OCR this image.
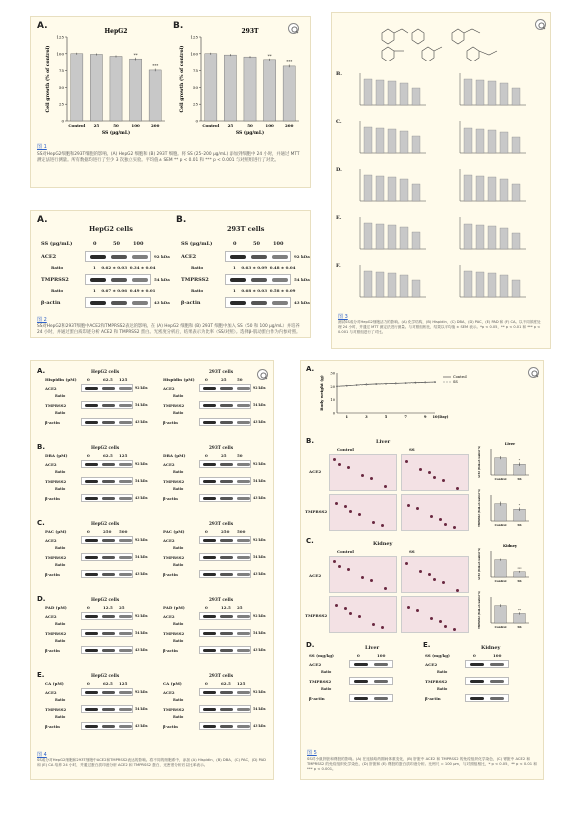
A.	B.
HepG2
0
25
50
75
100
125
Control 25	50
**
100
***
200
SS (μg/mL)
Cell growth (% of control)
293T
0
25
50
75
100
125
Control 25	50
**
100
***
200
SS (μg/mL)
Cell growth (% of control)
图 1
SS对HepG2细胞和293T细胞的影响。(A) HepG2 细胞和 (B) 293T 细胞。将 SS (25–200 μg/mL) 添加到细胞中 24 小时，并通过 MTT 测定法进行测量。所有数据均进行了至少 3 次独立实验。平均值± SEM ** p < 0.01 和 *** p < 0.001 与对照组进行了对比。
A.	B.
HepG2 cells	293T cells
图 2
SS对HepG2和293T细胞中ACE2和TMPRSS2表达的影响。在 (A) HepG2 细胞和 (B) 293T 细胞中加入 SS（50 和 100 μg/mL）并培养 24 小时，并通过蛋白质印迹分析 ACE2 和 TMPRSS2 蛋白。光密度分析后，结果表示为比率（SS/对照）。选择β-肌动蛋白作为内参对照。
SS (μg/mL)	0	50	100
ACE2	92 kDa
Ratio	1    0.62 ± 0.03  0.34 ± 0.04
TMPRSS2	54 kDa
Ratio	1    0.67 ± 0.06  0.49 ± 0.01
β-actin	43 kDa
SS (μg/mL)	0	50	100
ACE2	92 kDa
Ratio	1    0.63 ± 0.09  0.48 ± 0.04
TMPRSS2	54 kDa
Ratio	1    0.68 ± 0.03  0.58 ± 0.09
β-actin	43 kDa
图 3
测试SS成分对HepG2细胞活力的影响。(A) 化学结构，(B) Hispidin，(C) DBA，(D) PAC，(E) PAD 和 (F) CA。以不同浓度处理 24 小时，并通过 MTT 测定法进行测量。与对照组相比，结果以平均值 ± SEM 表示。*p < 0.05，** p < 0.01 和 *** p < 0.001 与对照组进行了对比。
B.
C.
D.
E.
F.
图 4
SS成分对HepG2细胞和293T细胞中ACE2和TMPRSS2表达的影响。将不同的细胞系中，添加 (A) Hispidin，(B) DBA，(C) PAC，(D) PAD 和 (E) CA 培养 24 小时，并通过蛋白质印迹分析 ACE2 和 TMPRSS2 蛋白，光密度分析后以比率表示。
A.	HepG2 cells
Hispidin (μM)	0	62.5 125
ACE2	92 kDa
Ratio
TMPRSS2	54 kDa
Ratio
β-actin	43 kDa
293T cells
Hispidin (μM)	0	25	50
ACE2	92 kDa
Ratio
TMPRSS2	54 kDa
Ratio
β-actin	43 kDa
B.	HepG2 cells
DBA (μM)	0	62.5 125
ACE2	92 kDa
Ratio
TMPRSS2	54 kDa
Ratio
β-actin	43 kDa
293T cells
DBA (μM)	0	25	50
ACE2	92 kDa
Ratio
TMPRSS2	54 kDa
Ratio
β-actin	43 kDa
C.	HepG2 cells
PAC (μM)	0	250 500
ACE2	92 kDa
Ratio
TMPRSS2	54 kDa
Ratio
β-actin	43 kDa
293T cells
PAC (μM)	0	250 500
ACE2	92 kDa
Ratio
TMPRSS2	54 kDa
Ratio
β-actin	43 kDa
D.	HepG2 cells
PAD (μM)	0	12.5 25
ACE2	92 kDa
Ratio
TMPRSS2	54 kDa
Ratio
β-actin	43 kDa
293T cells
PAD (μM)	0	12.5 25
ACE2	92 kDa
Ratio
TMPRSS2	54 kDa
Ratio
β-actin	43 kDa
E.	HepG2 cells
CA (μM)	0	62.5 125
ACE2	92 kDa
Ratio
TMPRSS2	54 kDa
Ratio
β-actin	43 kDa
293T cells
CA (μM)	0	62.5 125
ACE2	92 kDa
Ratio
TMPRSS2	54 kDa
Ratio
β-actin	43 kDa
A.
0
10
20
30
1	3	5	7	9 10 (Day)
Body weight (g)	Control
SS
B.	Liver
Control	SS
ACE2
TMPRSS2
Liver
Control
*
SS
ACE2 (Fold-of control %)
Control
*
SS
TMPRSS2 (Fold-of control %)
C.	Kidney
Control	SS
ACE2
TMPRSS2
Kidney
Control
***
SS
ACE2 (Fold-of control %)
Control
**
SS
TMPRSS2 (Fold-of control %)
D.	E.
Liver	Kidney
图 5
SS对小鼠肝脏和肾脏的影响。(A) 在连续给药期间体重变化，(B) 肝脏中 ACE2 和 TMPRSS2 的免疫组织化学染色，(C) 肾脏中 ACE2 和 TMPRSS2 的免疫组织化学染色，(D) 肝脏和 (E) 肾脏的蛋白质印迹分析。比例尺 = 100 μm，与对照组相比，* p < 0.05，** p < 0.01 和 *** p < 0.001。
SS (mg/kg)	0	100
ACE2
Ratio
TMPRSS2
Ratio
β-actin
SS (mg/kg)	0	100
ACE2
Ratio
TMPRSS2
Ratio
β-actin
